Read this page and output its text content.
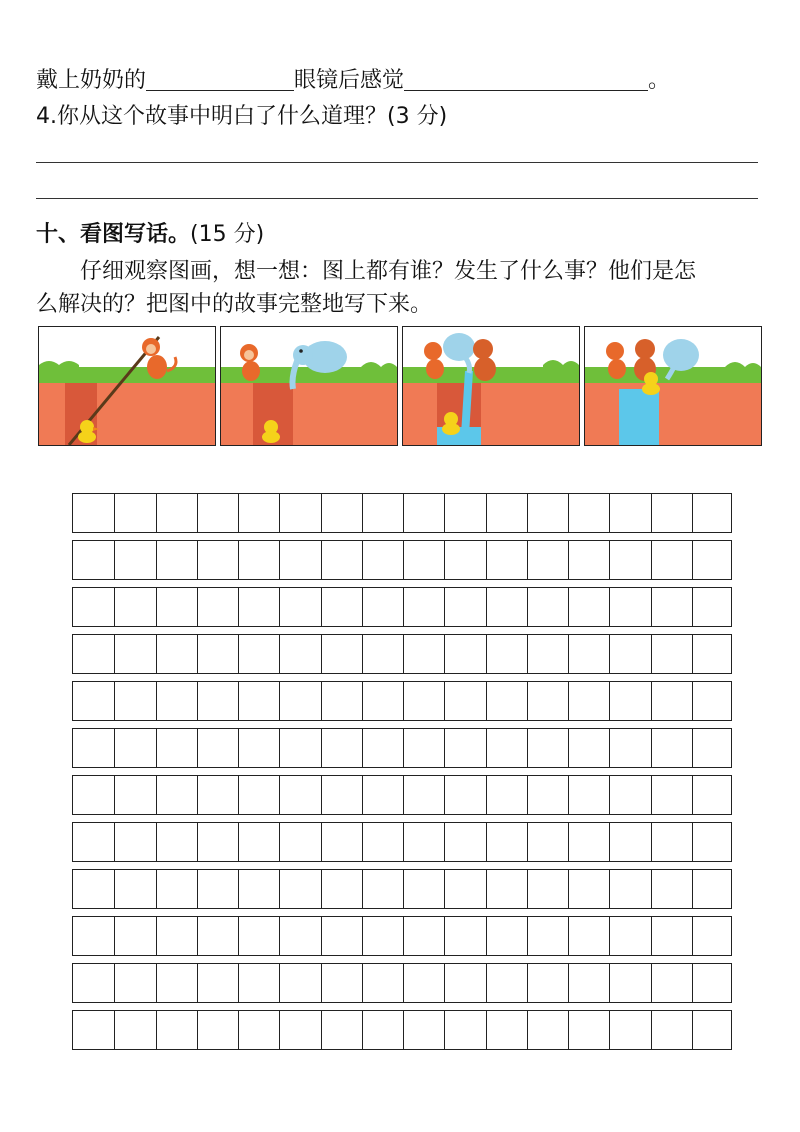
戴上奶奶的	眼镜后感觉	。
4.你从这个故事中明白了什么道理？(3 分)
十、看图写话。(15 分)
仔细观察图画，想一想：图上都有谁？发生了什么事？他们是怎
么解决的？把图中的故事完整地写下来。
